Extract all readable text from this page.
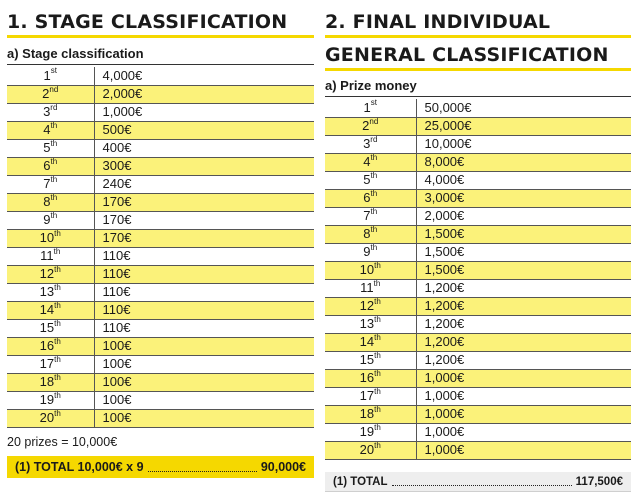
1. STAGE CLASSIFICATION
a) Stage classification
1st	4,000€
2nd	2,000€
3rd	1,000€
4th	500€
5th	400€
6th	300€
7th	240€
8th	170€
9th	170€
10th	170€
11th	110€
12th	110€
13th	110€
14th	110€
15th	110€
16th	100€
17th	100€
18th	100€
19th	100€
20th	100€
20 prizes = 10,000€
(1) TOTAL 10,000€ x 9	90,000€
2. FINAL INDIVIDUAL
GENERAL CLASSIFICATION
a) Prize money
1st	50,000€
2nd	25,000€
3rd	10,000€
4th	8,000€
5th	4,000€
6th	3,000€
7th	2,000€
8th	1,500€
9th	1,500€
10th	1,500€
11th	1,200€
12th	1,200€
13th	1,200€
14th	1,200€
15th	1,200€
16th	1,000€
17th	1,000€
18th	1,000€
19th	1,000€
20th	1,000€
(1) TOTAL	117,500€
